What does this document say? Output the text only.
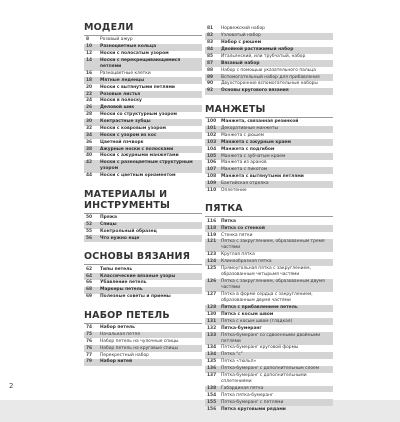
МОДЕЛИ
8	Розовый ажур
10	Разноцветные кольца
12	Носки с полосатым узором
14	Носки с перекрещивающимися петлями
16	Разноцветные клетки
18	Мятные леденцы
20	Носки с вытянутыми петлями
22	Розовые листья
24	Носки в полоску
26	Деловой шик
28	Носки со структурным узором
30	Контрастные зубцы
32	Носки с ковровым узором
34	Носки с узором из кос
36	Цветной пэчворк
38	Ажурные носки с полосками
40	Носки с ажурными манжетами
42	Носки с разноцветным структурным узором
44	Носки с цветным орнаментом
МАТЕРИАЛЫ И ИНСТРУМЕНТЫ
50	Пряжа
52	Спицы
55	Контрольный образец
56	Что нужно еще
ОСНОВЫ ВЯЗАНИЯ
62	Типы петель
64	Классические вязаные узоры
66	Убавление петель
68	Маркеры петель
69	Полезные советы и приемы
НАБОР ПЕТЕЛЬ
74	Набор петель
75	Начальная петля
76	Набор петель на чулочные спицы
76	Набор петель на круговые спицы
77	Перекрестный набор
79	Набор нитей
81	Норвежский набор
82	Узловатый набор
83	Набор с рюшем
84	Двойной растяжимый набор
85	Итальянский, или трубчатый, набор
87	Вязаный набор
88	Набор с помощью указательного пальца
89	Вспомогательный набор для прибавления
90	Двухсторонние вспомогательные наборы
92	Основы кругового вязания
МАНЖЕТЫ
100	Манжета, связанная резинкой
101	Декоративные манжеты
102	Манжета с рюшем
103	Манжета с ажурным краем
104	Манжета с подгибом
105	Манжета с зубчатым краем
106	Манжета из аранов
107	Манжета с пикотом
108	Манжета с вытянутыми петлями
109	Бактийская отделка
110	Оплетение
ПЯТКА
116	Пятка
118	Пятка со стенкой
119	Стенка пятки
121	Пятка с закруглением, образованным тремя частями
123	Круглая пятка
124	Клинообразная пятка
125	Прямоугольная пятка с закруглением, образованным четырьмя частями
126	Пятка с закруглением, образованным двумя частями
127	Пятка в форме сердца с закруглением, образованным двумя частями
128	Пятка с прибавлением петель
130	Пятка с косым швом
131	Пятка с косым швом (гладкая)
132	Пятка-бумеранг
133	Пятка-бумеранг со сдвоенными двойными петлями
134	Пятка-бумеранг круговой формы
134	Пятка "с"
135	Пятка «тюльп»
136	Пятка-бумеранг с дополнительным слоем
137	Пятка-бумеранг с дополнительными сплетениями
138	Габардиная пятка
154	Пятка пятка-бумеранг
155	Пятка-бумеранг с петлями
156	Пятка круговыми рядами
2
